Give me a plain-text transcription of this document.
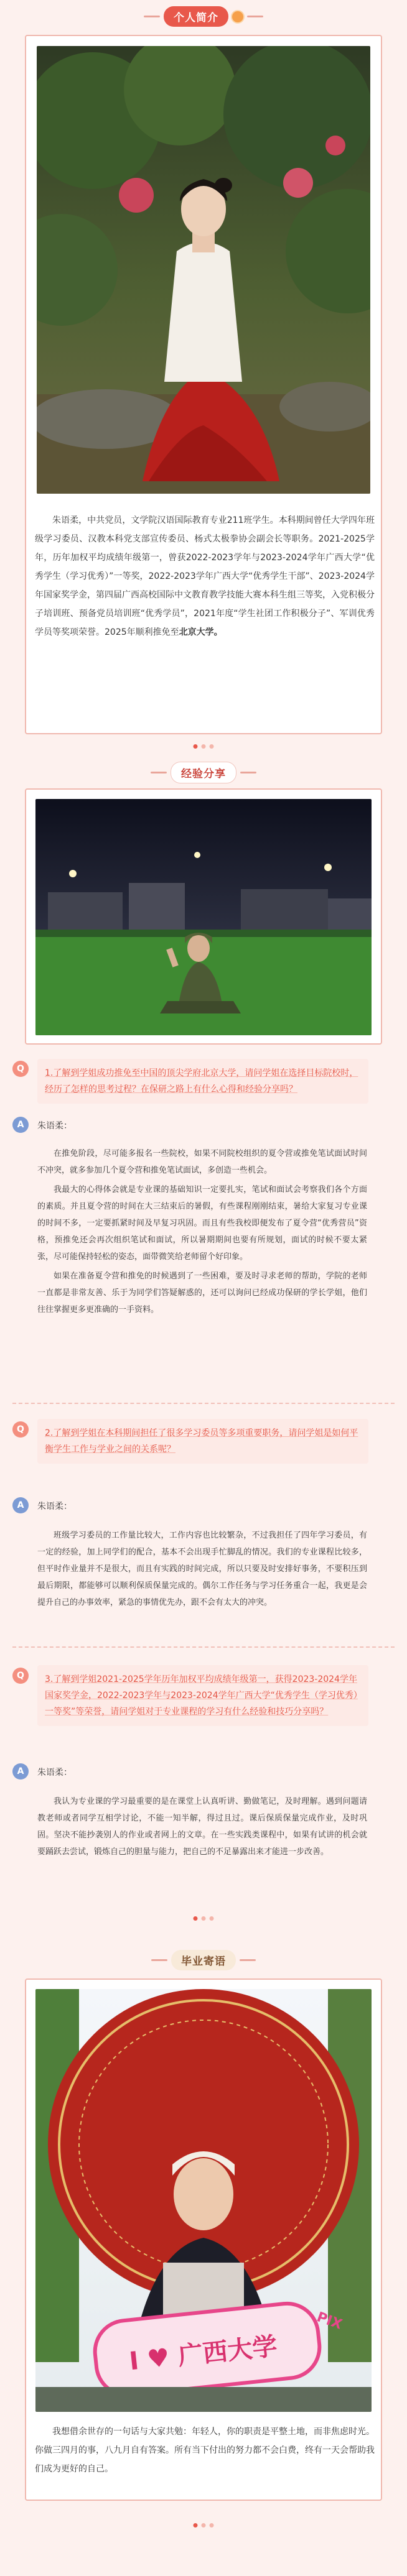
个人简介
朱语柔，中共党员，文学院汉语国际教育专业211班学生。本科期间曾任大学四年班级学习委员、汉教本科党支部宣传委员、杨式太极拳协会副会长等职务。2021-2025学年，历年加权平均成绩年级第一，曾获2022-2023学年与2023-2024学年广西大学“优秀学生（学习优秀）”一等奖，2022-2023学年广西大学“优秀学生干部”、2023-2024学年国家奖学金，第四届广西高校国际中文教育教学技能大赛本科生组三等奖，入党积极分子培训班、预备党员培训班“优秀学员”，2021年度“学生社团工作积极分子”、军训优秀学员等奖项荣誉。2025年顺利推免至北京大学。
经验分享
Q	1.了解到学姐成功推免至中国的顶尖学府北京大学，请问学姐在选择目标院校时，经历了怎样的思考过程？在保研之路上有什么心得和经验分享吗？
A	朱语柔：

在推免阶段，尽可能多报名一些院校，如果不同院校组织的夏令营或推免笔试面试时间不冲突，就多参加几个夏令营和推免笔试面试，多创造一些机会。

我最大的心得体会就是专业课的基础知识一定要扎实，笔试和面试会考察我们各个方面的素质。并且夏令营的时间在大三结束后的暑假，有些课程刚刚结束，暑给大家复习专业课的时间不多，一定要抓紧时间及早复习巩固。而且有些我校即便发布了夏令营“优秀营员”资格，预推免还会再次组织笔试和面试，所以暑期期间也要有所规划，面试的时候不要太紧张，尽可能保持轻松的姿态，面带微笑给老师留个好印象。

如果在准备夏令营和推免的时候遇到了一些困难，要及时寻求老师的帮助，学院的老师一直都是非常友善、乐于为同学们答疑解惑的，还可以询问已经成功保研的学长学姐，他们往往掌握更多更准确的一手资料。

Q	2.了解到学姐在本科期间担任了很多学习委员等多项重要职务，请问学姐是如何平衡学生工作与学业之间的关系呢？
A	朱语柔：

班级学习委员的工作量比较大，工作内容也比较繁杂，不过我担任了四年学习委员，有一定的经验，加上同学们的配合，基本不会出现手忙脚乱的情况。我们的专业课程比较多，但平时作业量并不是很大，而且有实践的时间完成，所以只要及时安排好事务，不要积压到最后期限，都能够可以顺利保质保量完成的。偶尔工作任务与学习任务重合一起，我更是会提升自己的办事效率，紧急的事情优先办，跟不会有太大的冲突。

Q	3.了解到学姐2021-2025学年历年加权平均成绩年级第一，获得2023-2024学年国家奖学金，2022-2023学年与2023-2024学年广西大学“优秀学生（学习优秀）一等奖”等荣誉，请问学姐对于专业课程的学习有什么经验和技巧分享吗？
A	朱语柔：

我认为专业课的学习最重要的是在课堂上认真听讲、勤做笔记，及时理解。遇到问题请教老师或者同学互相学讨论，不能一知半解，得过且过。课后保质保量完成作业，及时巩固。坚决不能抄袭别人的作业或者网上的文章。在一些实践类课程中，如果有试讲的机会就要踊跃去尝试，锻炼自己的胆量与能力，把自己的不足暴露出来才能进一步改善。

毕业寄语
I ♥ 广西大学
PIX
我想借余世存的一句话与大家共勉：年轻人，你的职责是平整土地，而非焦虑时光。你做三四月的事，八九月自有答案。所有当下付出的努力都不会白费，终有一天会帮助我们成为更好的自己。
